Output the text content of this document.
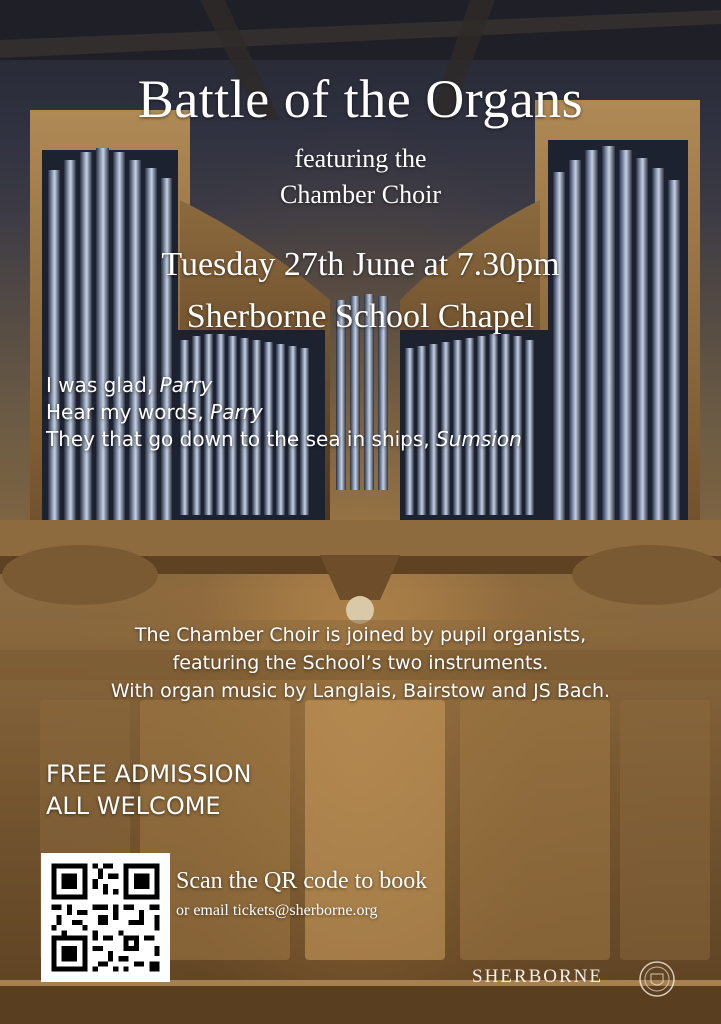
Battle of the Organs
featuring the
Chamber Choir
Tuesday 27th June at 7.30pm
Sherborne School Chapel
I was glad, Parry
Hear my words, Parry
They that go down to the sea in ships, Sumsion
The Chamber Choir is joined by pupil organists,
featuring the School’s two instruments.
With organ music by Langlais, Bairstow and JS Bach.
FREE ADMISSION
ALL WELCOME
Scan the QR code to book
or email tickets@sherborne.org
SHERBORNE
